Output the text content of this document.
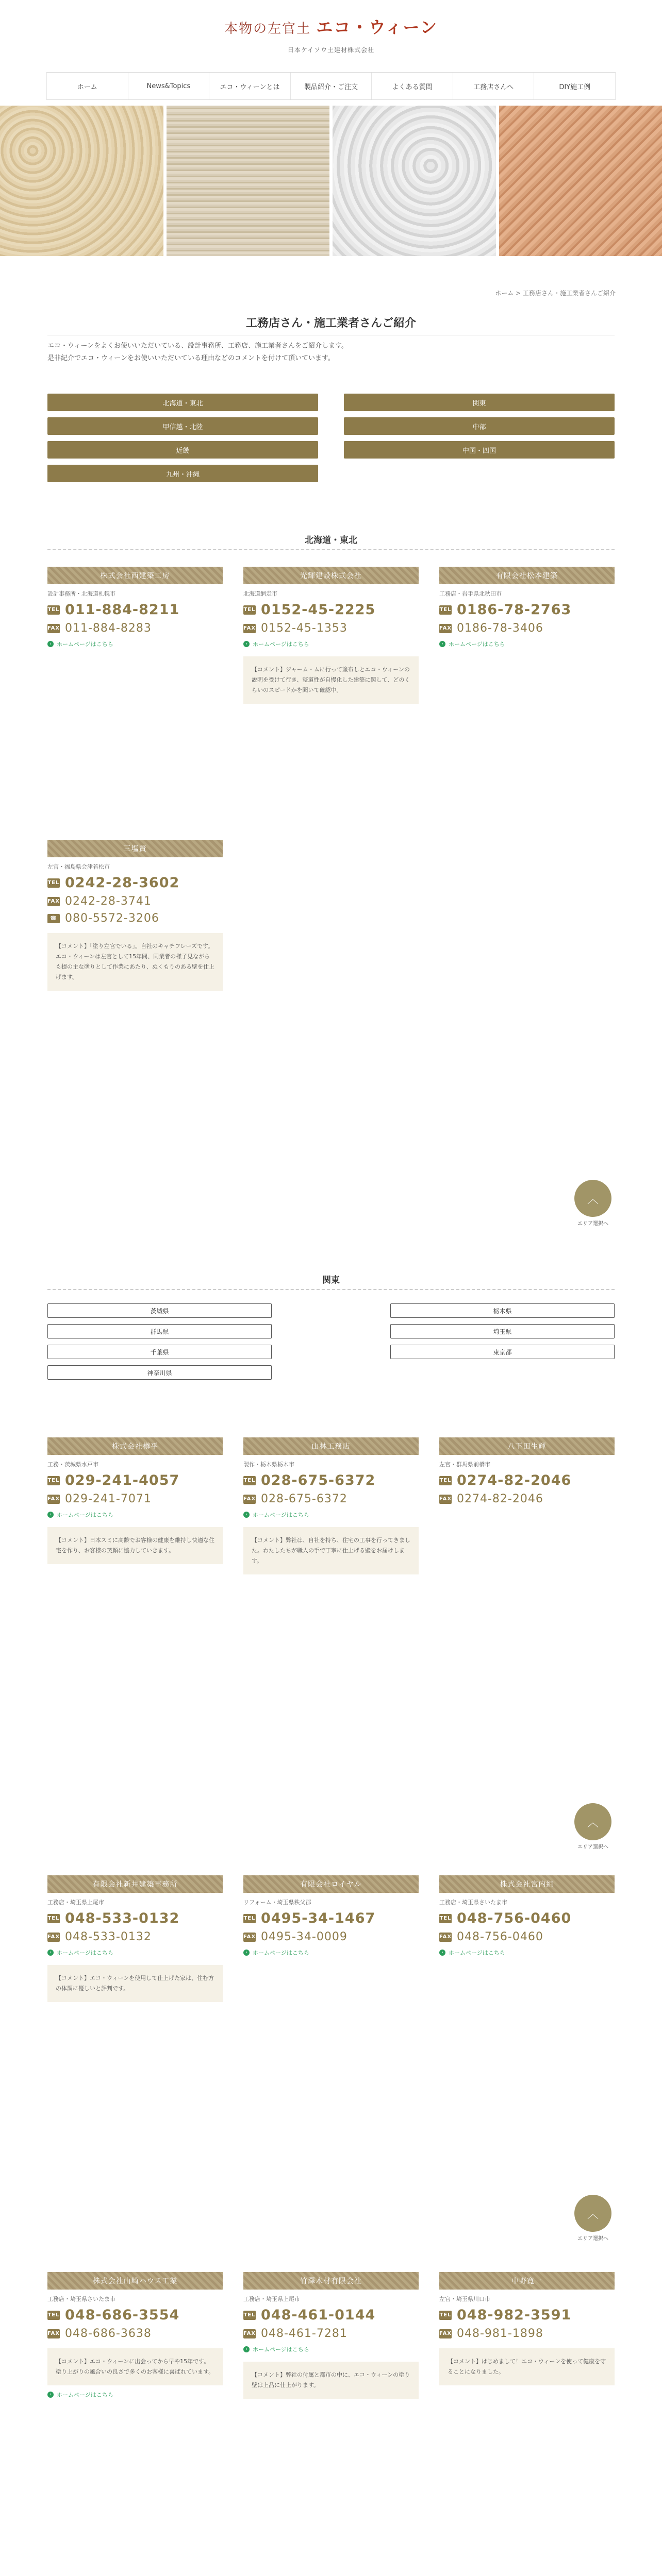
本物の左官土 エコ・ウィーン
日本ケイソウ土建材株式会社
ホーム	News&Topics	エコ・ウィーンとは	製品紹介・ご注文	よくある質問	工務店さんへ	DIY施工例
ホーム > 工務店さん・施工業者さんご紹介
工務店さん・施工業者さんご紹介
エコ・ウィーンをよくお使いいただいている、設計事務所、工務店、施工業者さんをご紹介します。
是非紀介でエコ・ウィーンをお使いいただいている理由などのコメントを付けて頂いています。
北海道・東北	関東
甲信越・北陸	中部
近畿	中国・四国
九州・沖縄
北海道・東北
株式会社西建築工房
設計事務所・北海道札幌市
TEL 011-884-8211
FAX 011-884-8283
› ホームページはこちら
光輝建設株式会社
北海道網走市
TEL 0152-45-2225
FAX 0152-45-1353
› ホームページはこちら
【コメント】ジャーム・ムに行って塗布しとエコ・ウィーンの説明を受けて行き、整道性が自慢化した建築に関して、どのくらいのスピードかを聞いて確認中。
有限会社松本建築
工務店・岩手県北秋田市
TEL 0186-78-2763
FAX 0186-78-3406
› ホームページはこちら
三塩賢
左官・福島県会津若松市
TEL 0242-28-3602
FAX 0242-28-3741
☎ 080-5572-3206
【コメント】「塗り左官でいる」。自社のキャチフレーズです。エコ・ウィーンは左官として15年間、同業者の様子見ながらも提の主な塗りとして作業にあたり、ぬくもりのある壁を仕上げます。
︿
エリア選択へ
関東
茨城県	栃木県
群馬県	埼玉県
千葉県	東京都
神奈川県
株式会社樽平
工務・茨城県水戸市
TEL 029-241-4057
FAX 029-241-7071
› ホームページはこちら
【コメント】日本スミに高齢でお客様の健康を維持し快適な住宅を作り、お客様の笑顔に協力していきます。
山林工務店
製作・栃木県栃木市
TEL 028-675-6372
FAX 028-675-6372
› ホームページはこちら
【コメント】弊社は、自社を持ち、住宅の工事を行ってきました。わたしたちが職人の手で丁寧に仕上げる壁をお届けします。
八下田生輝
左官・群馬県前橋市
TEL 0274-82-2046
FAX 0274-82-2046
︿
エリア選択へ
有限会社新井建築事務所
工務店・埼玉県上尾市
TEL 048-533-0132
FAX 048-533-0132
› ホームページはこちら
【コメント】エコ・ウィーンを使用して仕上げた家は、住む方の体調に優しいと評判です。
有限会社ロイヤル
リフォーム・埼玉県秩父郡
TEL 0495-34-1467
FAX 0495-34-0009
› ホームページはこちら
株式会社宮内組
工務店・埼玉県さいたま市
TEL 048-756-0460
FAX 048-756-0460
› ホームページはこちら
︿
エリア選択へ
株式会社山崎ハウス工業
工務店・埼玉県さいたま市
TEL 048-686-3554
FAX 048-686-3638
【コメント】エコ・ウィーンに出会ってから早や15年です。塗り上がりの風合いの良さで多くのお客様に喜ばれています。
› ホームページはこちら
竹澤木材有限会社
工務店・埼玉県上尾市
TEL 048-461-0144
FAX 048-461-7281
› ホームページはこちら
【コメント】弊社の付属と都市の中に、エコ・ウィーンの塗り壁は上品に仕上がります。
中野寛一
左官・埼玉県川口市
TEL 048-982-3591
FAX 048-981-1898
【コメント】はじめまして！エコ・ウィーンを使って健康を守ることになりました。
